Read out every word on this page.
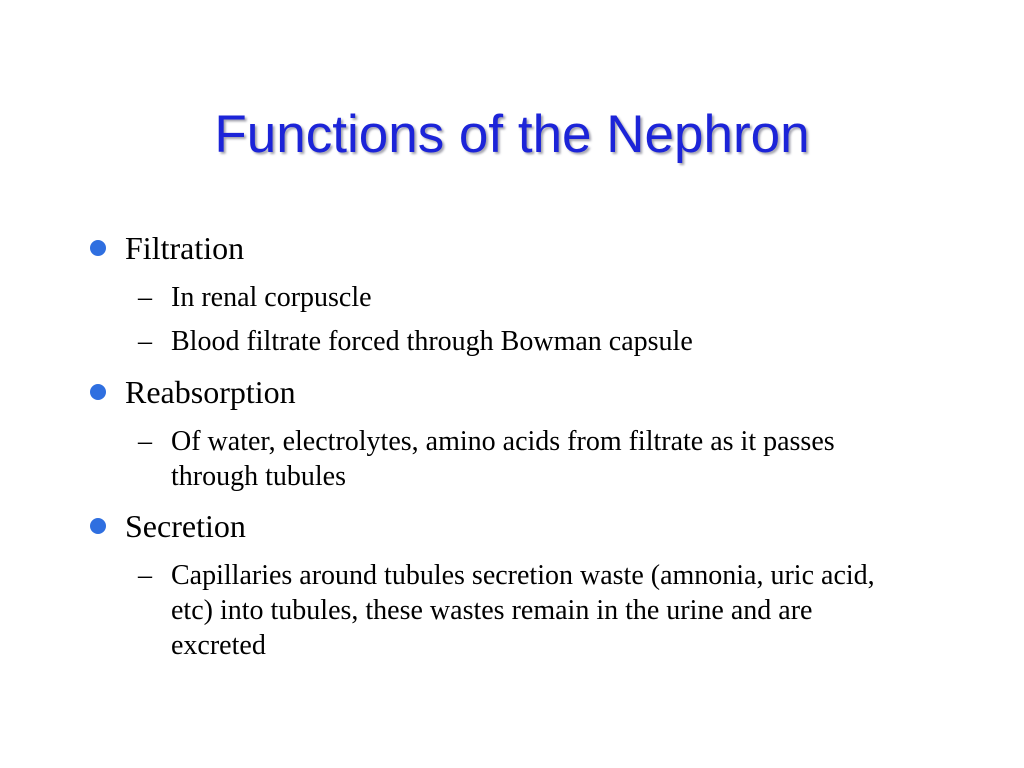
Functions of the Nephron
Filtration
– In renal corpuscle
– Blood filtrate forced through Bowman capsule
Reabsorption
– Of water, electrolytes, amino acids from filtrate as it passes through tubules
Secretion
– Capillaries around tubules secretion waste (amnonia, uric acid, etc) into tubules, these wastes remain in the urine and are excreted
